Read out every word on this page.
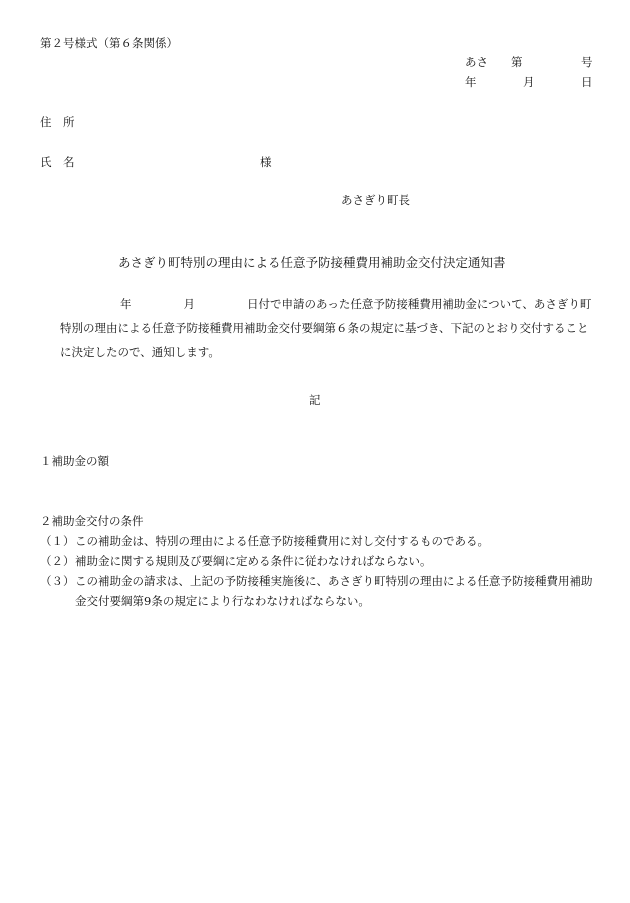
第２号様式（第６条関係）
あさ 第	号
年	月	日
住　所
氏　名	様
あさぎり町長
あさぎり町特別の理由による任意予防接種費用補助金交付決定通知書
年	月	日付で申請のあった任意予防接種費用補助金について、あさぎり町特別の理由による任意予防接種費用補助金交付要綱第６条の規定に基づき、下記のとおり交付することに決定したので、通知します。
記
１補助金の額
２補助金交付の条件
（１） この補助金は、特別の理由による任意予防接種費用に対し交付するものである。
（２） 補助金に関する規則及び要綱に定める条件に従わなければならない。
（３） この補助金の請求は、上記の予防接種実施後に、あさぎり町特別の理由による任意予防接種費用補助
金交付要綱第9条の規定により行なわなければならない。
